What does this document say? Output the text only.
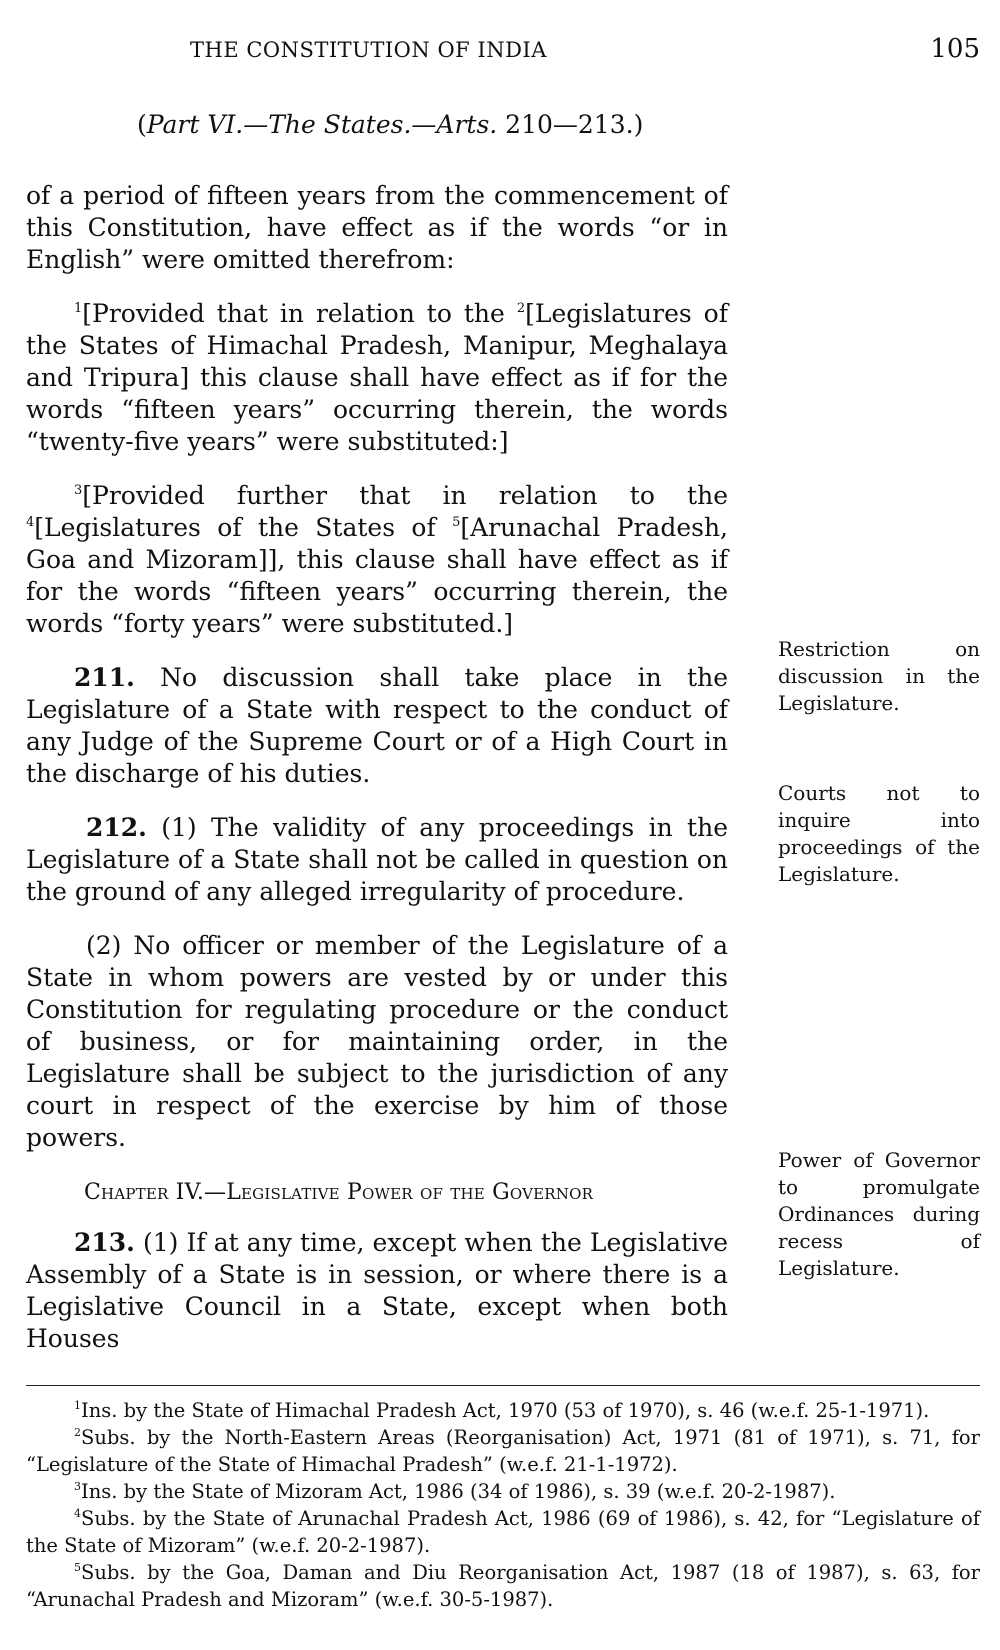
THE CONSTITUTION OF INDIA	105
(Part VI.—The States.—Arts. 210—213.)

of a period of fifteen years from the commencement of this Constitution, have effect as if the words “or in English” were omitted therefrom:

$^1$[Provided that in relation to the $^2$[Legislatures of the States of Himachal Pradesh, Manipur, Meghalaya and Tripura] this clause shall have effect as if for the words “fifteen years” occurring therein, the words “twenty-five years” were substituted:]

$^3$[Provided further that in relation to the $^4$[Legislatures of the States of $^5$[Arunachal Pradesh, Goa and Mizoram]], this clause shall have effect as if for the words “fifteen years” occurring therein, the words “forty years” were substituted.]

211. No discussion shall take place in the Legislature of a State with respect to the conduct of any Judge of the Supreme Court or of a High Court in the discharge of his duties.

212. (1) The validity of any proceedings in the Legislature of a State shall not be called in question on the ground of any alleged irregularity of procedure.

(2) No officer or member of the Legislature of a State in whom powers are vested by or under this Constitution for regulating procedure or the conduct of business, or for maintaining order, in the Legislature shall be subject to the jurisdiction of any court in respect of the exercise by him of those powers.

Chapter IV.—Legislative Power of the Governor

213. (1) If at any time, except when the Legislative Assembly of a State is in session, or where there is a Legislative Council in a State, except when both Houses

Restriction on discussion in the Legislature.
Courts not to inquire into proceedings of the Legislature.
Power of Governor to promulgate Ordinances during recess of Legislature.

$^1$Ins. by the State of Himachal Pradesh Act, 1970 (53 of 1970), s. 46 (w.e.f. 25-1-1971).

$^2$Subs. by the North-Eastern Areas (Reorganisation) Act, 1971 (81 of 1971), s. 71, for “Legislature of the State of Himachal Pradesh” (w.e.f. 21-1-1972).

$^3$Ins. by the State of Mizoram Act, 1986 (34 of 1986), s. 39 (w.e.f. 20-2-1987).

$^4$Subs. by the State of Arunachal Pradesh Act, 1986 (69 of 1986), s. 42, for “Legislature of the State of Mizoram” (w.e.f. 20-2-1987).

$^5$Subs. by the Goa, Daman and Diu Reorganisation Act, 1987 (18 of 1987), s. 63, for “Arunachal Pradesh and Mizoram” (w.e.f. 30-5-1987).
